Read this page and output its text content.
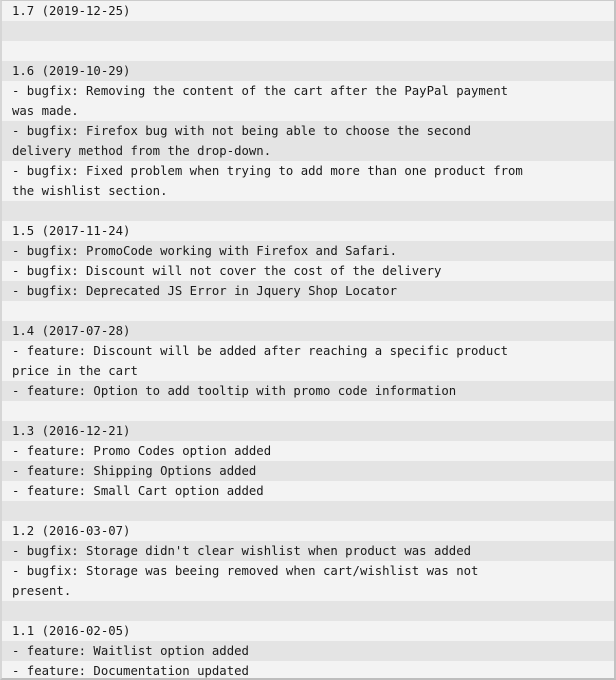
1.7 (2019-12-25)
1.6 (2019-10-29)
- bugfix: Removing the content of the cart after the PayPal payment
was made.
- bugfix: Firefox bug with not being able to choose the second
delivery method from the drop-down.
- bugfix: Fixed problem when trying to add more than one product from
the wishlist section.
1.5 (2017-11-24)
- bugfix: PromoCode working with Firefox and Safari.
- bugfix: Discount will not cover the cost of the delivery
- bugfix: Deprecated JS Error in Jquery Shop Locator
1.4 (2017-07-28)
- feature: Discount will be added after reaching a specific product
price in the cart
- feature: Option to add tooltip with promo code information
1.3 (2016-12-21)
- feature: Promo Codes option added
- feature: Shipping Options added
- feature: Small Cart option added
1.2 (2016-03-07)
- bugfix: Storage didn't clear wishlist when product was added
- bugfix: Storage was beeing removed when cart/wishlist was not
present.
1.1 (2016-02-05)
- feature: Waitlist option added
- feature: Documentation updated
